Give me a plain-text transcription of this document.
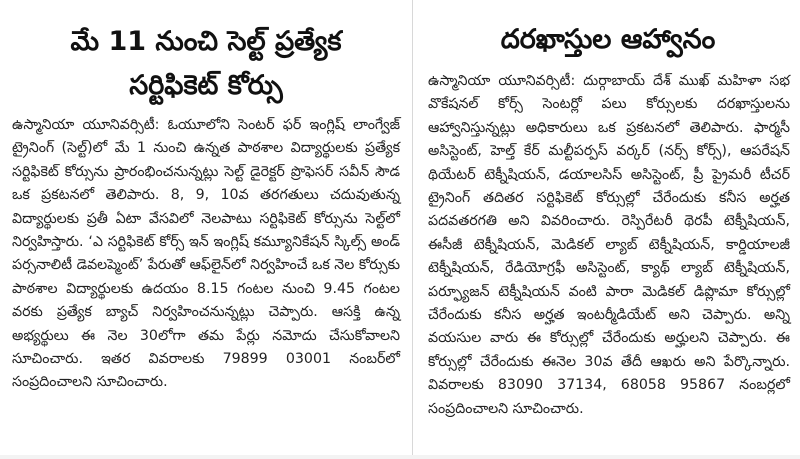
మే 11 నుంచి సెల్ట్ ప్రత్యేక
సర్టిఫికెట్ కోర్సు
ఉస్మానియా యూనివర్సిటీ: ఓయూలోని సెంటర్ ఫర్ ఇంగ్లిష్ లాంగ్వేజ్ ట్రైనింగ్ (సెల్ట్)లో మే 1 నుంచి ఉన్నత పాఠశాల విద్యార్థులకు ప్రత్యేక సర్టిఫికెట్ కోర్సును ప్రారంభించనున్నట్లు సెల్ట్ డైరెక్టర్ ప్రొఫెసర్ సవీన్ సౌడ ఒక ప్రకటనలో తెలిపారు. 8, 9, 10వ తరగతులు చదువుతున్న విద్యార్థులకు ప్రతీ ఏటా వేసవిలో నెలపాటు సర్టిఫికెట్ కోర్సును సెల్ట్‌లో నిర్వహిస్తారు. ‘ఎ సర్టిఫికెట్ కోర్స్ ఇన్ ఇంగ్లిష్ కమ్యూనికేషన్ స్కిల్స్ అండ్ పర్సనాలిటీ డెవలప్మెంట్’ పేరుతో ఆఫ్‌లైన్‌లో నిర్వహించే ఒక నెల కోర్సుకు పాఠశాల విద్యార్థులకు ఉదయం 8.15 గంటల నుంచి 9.45 గంటల వరకు ప్రత్యేక బ్యాచ్ నిర్వహించనున్నట్లు చెప్పారు. ఆసక్తి ఉన్న అభ్యర్థులు ఈ నెల 30లోగా తమ పేర్లు నమోదు చేసుకోవాలని సూచించారు. ఇతర వివరాలకు 79899 03001 నంబర్‌లో సంప్రదించాలని సూచించారు.
దరఖాస్తుల ఆహ్వానం
ఉస్మానియా యూనివర్సిటీ: దుర్గాబాయ్ దేశ్ ముఖ్ మహిళా సభ వొకేషనల్ కోర్స్ సెంటర్లో పలు కోర్సులకు దరఖాస్తులను ఆహ్వానిస్తున్నట్లు అధికారులు ఒక ప్రకటనలో తెలిపారు. ఫార్మసీ అసిస్టెంట్, హెల్త్ కేర్ మల్టీపర్పస్ వర్కర్ (నర్స్ కోర్స్), ఆపరేషన్ థియేటర్ టెక్నీషియన్, డయాలసిస్ అసిస్టెంట్, ప్రీ ప్రైమరీ టీచర్ ట్రైనింగ్ తదితర సర్టిఫికెట్ కోర్సుల్లో చేరేందుకు కనీస అర్హత పదవతరగతి అని వివరించారు. రెస్పిరేటరీ థెరపీ టెక్నీషియన్, ఈసీజీ టెక్నీషియన్, మెడికల్ ల్యాబ్ టెక్నీషియన్, కార్డియాలజీ టెక్నీషియన్, రేడియోగ్రఫీ అసిస్టెంట్, క్యాథ్ ల్యాబ్ టెక్నీషియన్, పర్ఫ్యూజన్ టెక్నీషియన్ వంటి పారా మెడికల్ డిప్లొమా కోర్సుల్లో చేరేందుకు కనీస అర్హత ఇంటర్మీడియేట్ అని చెప్పారు. అన్ని వయసుల వారు ఈ కోర్సుల్లో చేరేందుకు అర్హులని చెప్పారు. ఈ కోర్సుల్లో చేరేందుకు ఈనెల 30వ తేదీ ఆఖరు అని పేర్కొన్నారు. వివరాలకు 83090 37134, 68058 95867 నంబర్లలో సంప్రదించాలని సూచించారు.
